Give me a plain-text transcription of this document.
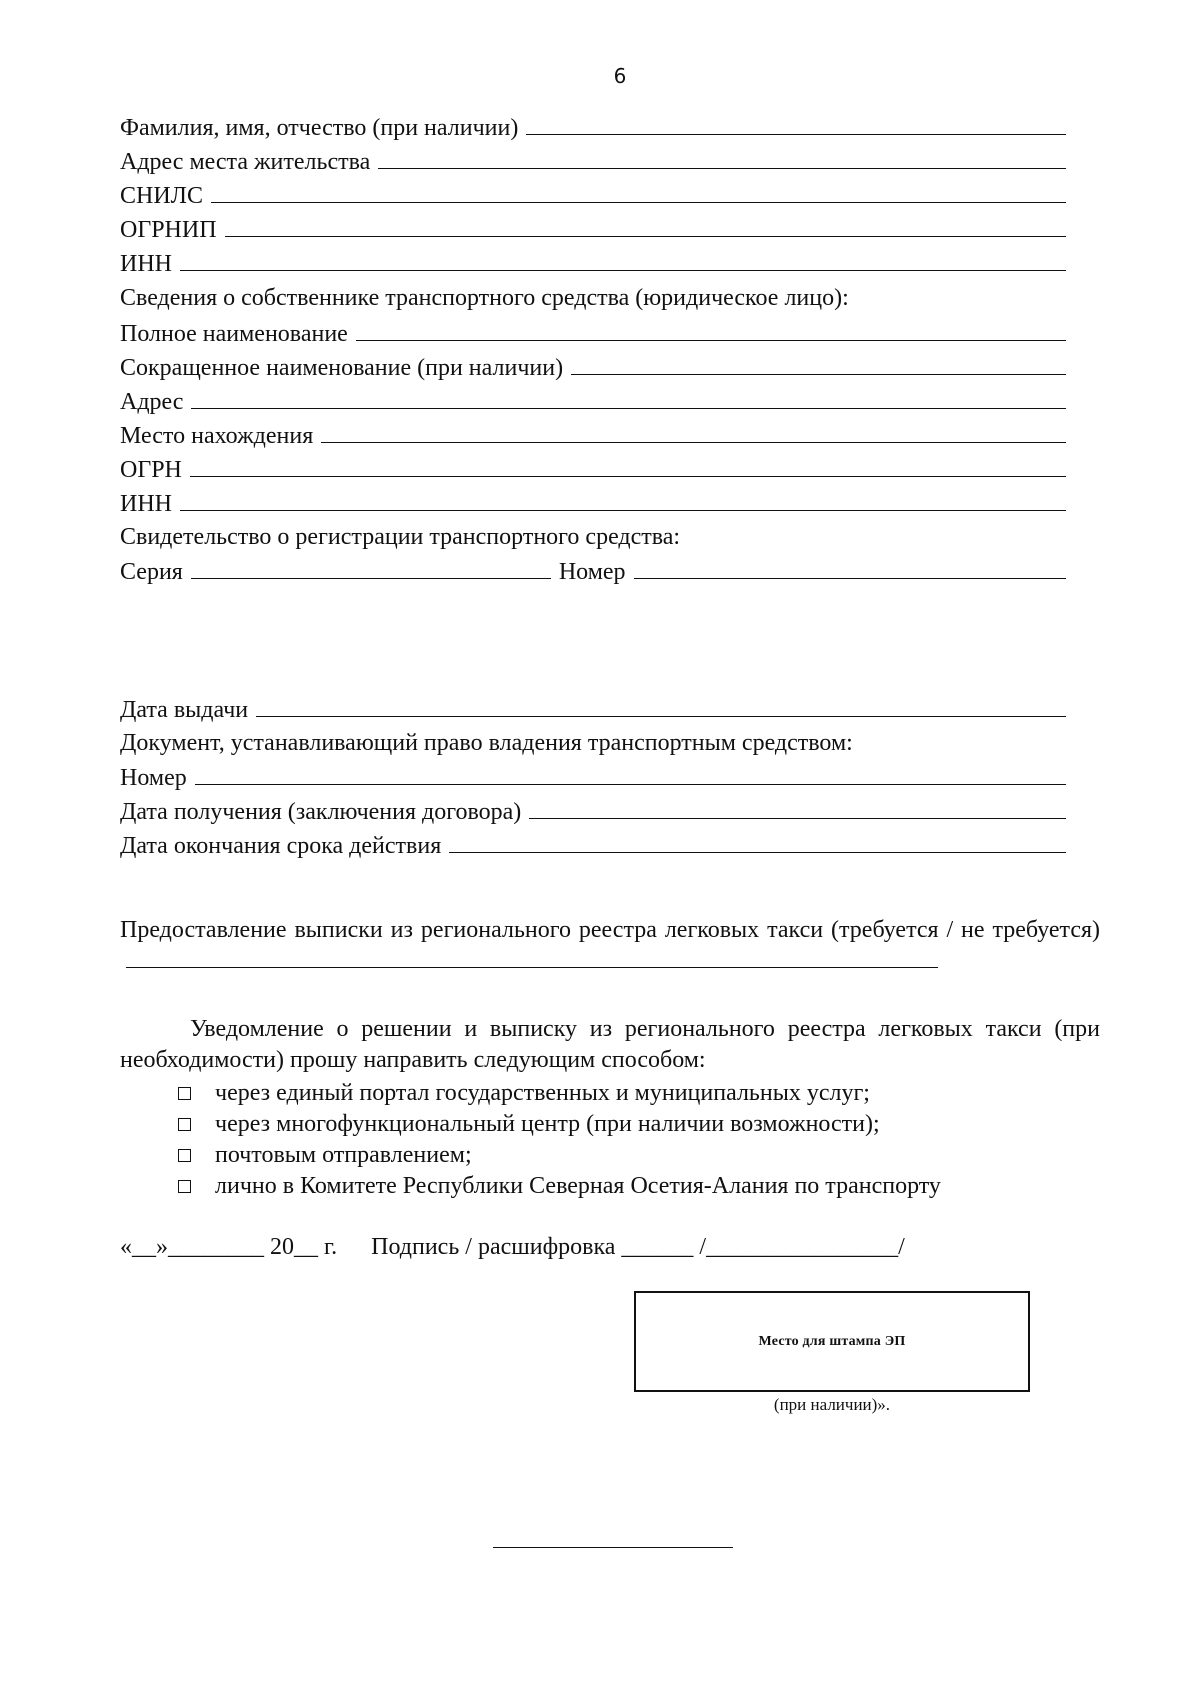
6
Фамилия, имя, отчество (при наличии)
Адрес места жительства
СНИЛС
ОГРНИП
ИНН
Сведения о собственнике транспортного средства (юридическое лицо):
Полное наименование
Сокращенное наименование (при наличии)
Адрес
Место нахождения
ОГРН
ИНН
Свидетельство о регистрации транспортного средства:
Серия	Номер
Дата выдачи
Документ, устанавливающий право владения транспортным средством:
Номер
Дата получения (заключения договора)
Дата окончания срока действия
Предоставление выписки из регионального реестра легковых такси (требуется / не требуется)
Уведомление о решении и выписку из регионального реестра легковых такси (при необходимости) прошу направить следующим способом:
через единый портал государственных и муниципальных услуг;
через многофункциональный центр (при наличии возможности);
почтовым отправлением;
лично в Комитете Республики Северная Осетия-Алания по транспорту
«__»________ 20__ г. Подпись / расшифровка ______ /________________/
Место для штампа ЭП
(при наличии)».
